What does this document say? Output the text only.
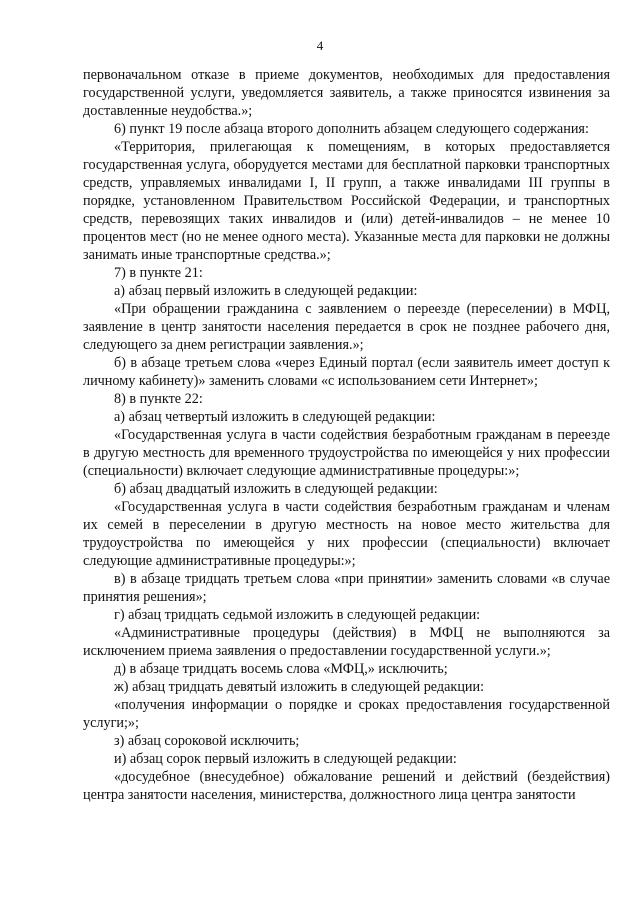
4

первоначальном отказе в приеме документов, необходимых для предоставления государственной услуги, уведомляется заявитель, а также приносятся извинения за доставленные неудобства.»;

6) пункт 19 после абзаца второго дополнить абзацем следующего содержания:

«Территория, прилегающая к помещениям, в которых предоставляется государственная услуга, оборудуется местами для бесплатной парковки транспортных средств, управляемых инвалидами I, II групп, а также инвалидами III группы в порядке, установленном Правительством Российской Федерации, и транспортных средств, перевозящих таких инвалидов и (или) детей-инвалидов – не менее 10 процентов мест (но не менее одного места). Указанные места для парковки не должны занимать иные транспортные средства.»;

7) в пункте 21:

а) абзац первый изложить в следующей редакции:

«При обращении гражданина с заявлением о переезде (переселении) в МФЦ, заявление в центр занятости населения передается в срок не позднее рабочего дня, следующего за днем регистрации заявления.»;

б) в абзаце третьем слова «через Единый портал (если заявитель имеет доступ к личному кабинету)» заменить словами «с использованием сети Интернет»;

8) в пункте 22:

а) абзац четвертый изложить в следующей редакции:

«Государственная услуга в части содействия безработным гражданам в переезде в другую местность для временного трудоустройства по имеющейся у них профессии (специальности) включает следующие административные процедуры:»;

б) абзац двадцатый изложить в следующей редакции:

«Государственная услуга в части содействия безработным гражданам и членам их семей в переселении в другую местность на новое место жительства для трудоустройства по имеющейся у них профессии (специальности) включает следующие административные процедуры:»;

в) в абзаце тридцать третьем слова «при принятии» заменить словами «в случае принятия решения»;

г) абзац тридцать седьмой изложить в следующей редакции:

«Административные процедуры (действия) в МФЦ не выполняются за исключением приема заявления о предоставлении государственной услуги.»;

д) в абзаце тридцать восемь слова «МФЦ,» исключить;

ж) абзац тридцать девятый изложить в следующей редакции:

«получения информации о порядке и сроках предоставления государственной услуги;»;

з) абзац сороковой исключить;

и) абзац сорок первый изложить в следующей редакции:

«досудебное (внесудебное) обжалование решений и действий (бездействия) центра занятости населения, министерства, должностного лица центра занятости
